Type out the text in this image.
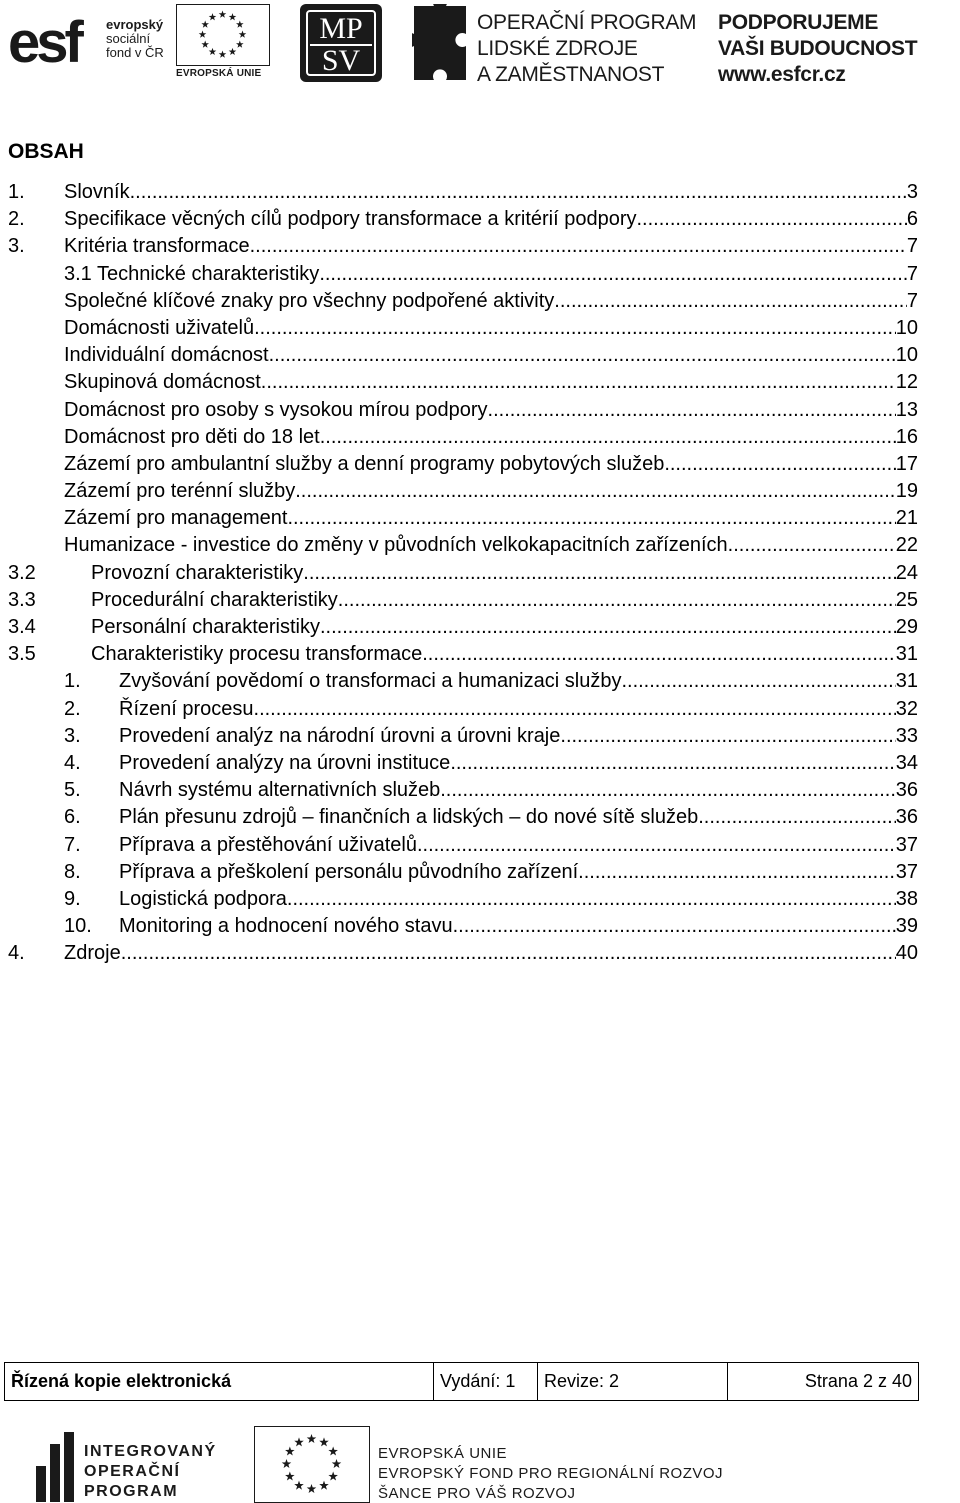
esf evropský
sociální
fond v ČR
EVROPSKÁ UNIE
MP
SV
OPERAČNÍ PROGRAM
LIDSKÉ ZDROJE
A ZAMĚSTNANOST
PODPORUJEME
VAŠI BUDOUCNOST
www.esfcr.cz
OBSAH
1.	Slovník .....	3
2.	Specifikace věcných cílů podpory transformace a kritérií podpory .....	6
3.	Kritéria transformace .....	7
3.1 Technické charakteristiky .....	7
Společné klíčové znaky pro všechny podpořené aktivity .....	7
Domácnosti uživatelů .....	10
Individuální domácnost .....	10
Skupinová domácnost .....	12
Domácnost pro osoby s vysokou mírou podpory .....	13
Domácnost pro děti do 18 let .....	16
Zázemí pro ambulantní služby a denní programy pobytových služeb .....	17
Zázemí pro terénní služby .....	19
Zázemí pro management .....	21
Humanizace - investice do změny v původních velkokapacitních zařízeních .....	22
3.2	Provozní charakteristiky .....	24
3.3	Procedurální charakteristiky .....	25
3.4	Personální charakteristiky .....	29
3.5	Charakteristiky procesu transformace .....	31
1.	Zvyšování povědomí o transformaci a humanizaci služby .....	31
2.	Řízení procesu .....	32
3.	Provedení analýz na národní úrovni a úrovni kraje .....	33
4.	Provedení analýzy na úrovni instituce .....	34
5.	Návrh systému alternativních služeb .....	36
6.	Plán přesunu zdrojů – finančních a lidských – do nové sítě služeb. .....	36
7.	Příprava a přestěhování uživatelů .....	37
8.	Příprava a přeškolení personálu původního zařízení .....	37
9.	Logistická podpora .....	38
10.	Monitoring a hodnocení nového stavu .....	39
4.	Zdroje .....	40
Řízená kopie elektronická	Vydání: 1	Revize: 2	Strana 2 z 40
INTEGROVANÝ
OPERAČNÍ
PROGRAM
EVROPSKÁ UNIE
EVROPSKÝ FOND PRO REGIONÁLNÍ ROZVOJ
ŠANCE PRO VÁŠ ROZVOJ
